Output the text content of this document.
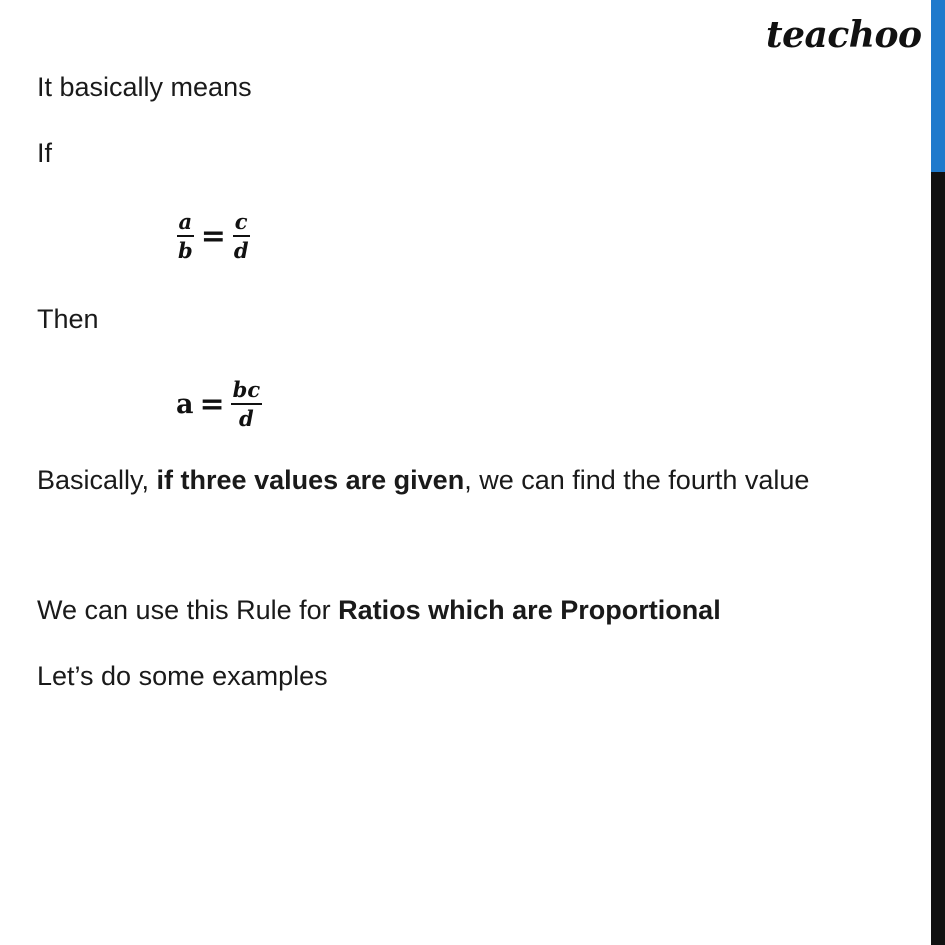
teachoo
It basically means
If
$\frac{a}{b} = \frac{c}{d}$
Then
$a = \frac{bc}{d}$
Basically, if three values are given, we can find the fourth value
We can use this Rule for Ratios which are Proportional
Let’s do some examples
